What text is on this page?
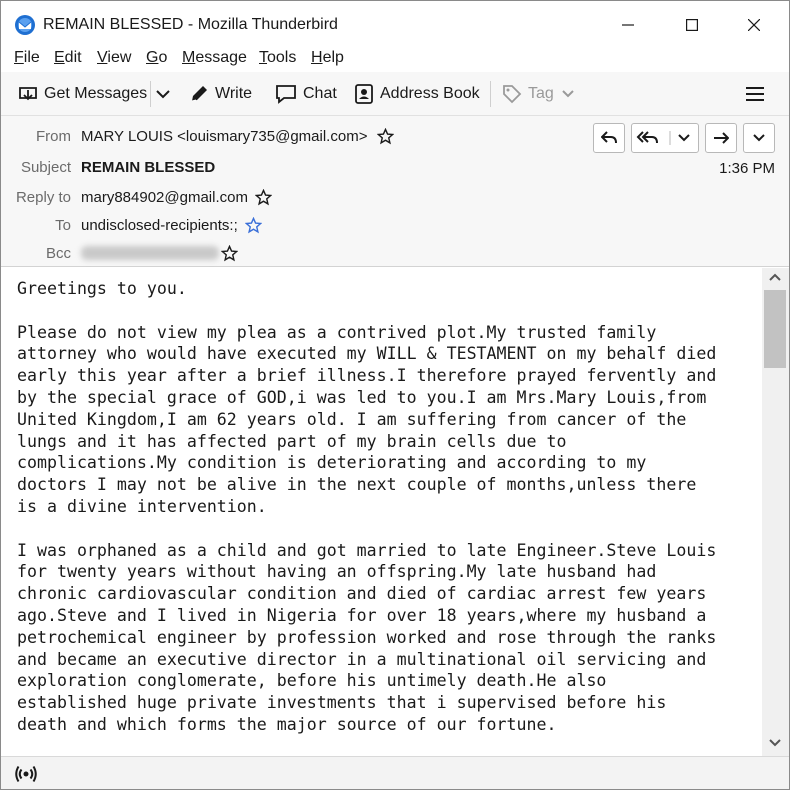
REMAIN BLESSED - Mozilla Thunderbird
File Edit View Go Message Tools Help
Get Messages	Write	Chat	Address Book	Tag
From MARY LOUIS <louismary735@gmail.com>
Subject REMAIN BLESSED	1:36 PM
Reply to mary884902@gmail.com
To undisclosed-recipients:;
Bcc
Greetings to you.

Please do not view my plea as a contrived plot.My trusted family
attorney who would have executed my WILL & TESTAMENT on my behalf died
early this year after a brief illness.I therefore prayed fervently and
by the special grace of GOD,i was led to you.I am Mrs.Mary Louis,from
United Kingdom,I am 62 years old. I am suffering from cancer of the
lungs and it has affected part of my brain cells due to
complications.My condition is deteriorating and according to my
doctors I may not be alive in the next couple of months,unless there
is a divine intervention.

I was orphaned as a child and got married to late Engineer.Steve Louis
for twenty years without having an offspring.My late husband had
chronic cardiovascular condition and died of cardiac arrest few years
ago.Steve and I lived in Nigeria for over 18 years,where my husband a
petrochemical engineer by profession worked and rose through the ranks
and became an executive director in a multinational oil servicing and
exploration conglomerate, before his untimely death.He also
established huge private investments that i supervised before his
death and which forms the major source of our fortune.
